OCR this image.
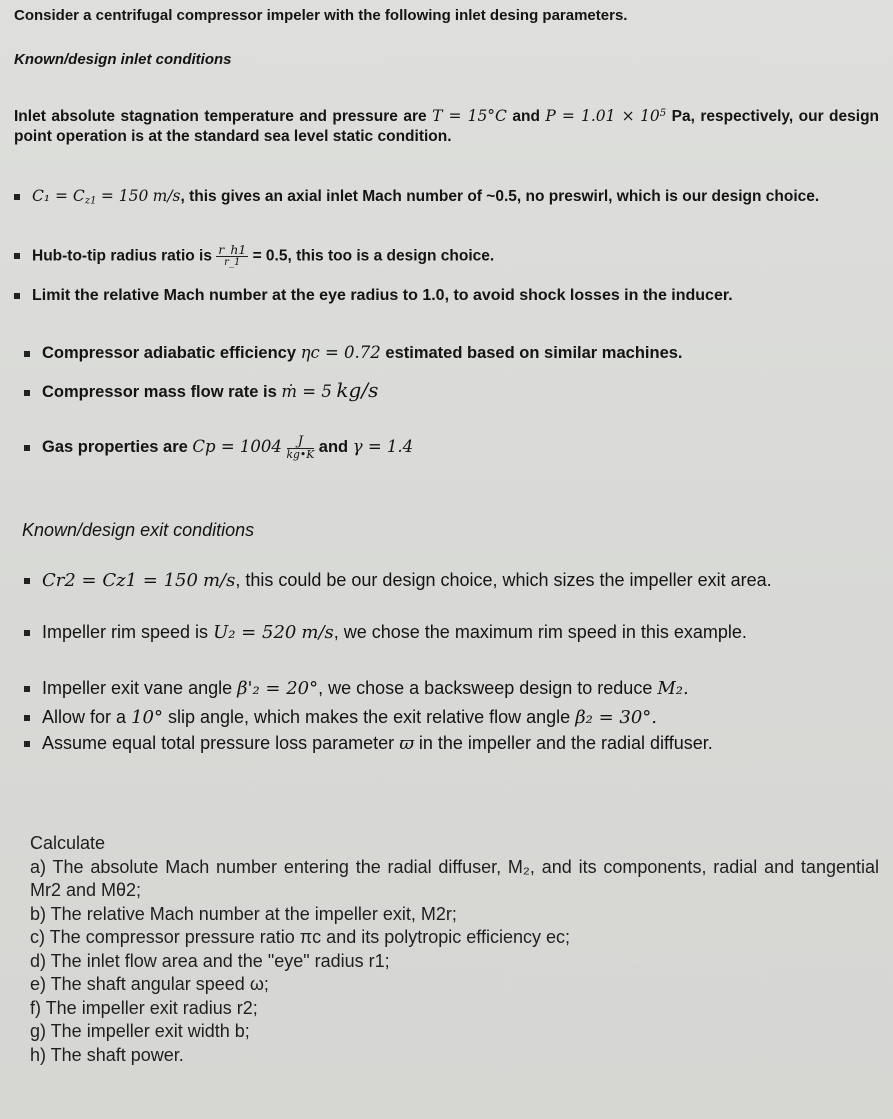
Consider a centrifugal compressor impeler with the following inlet desing parameters.
Known/design inlet conditions
Inlet absolute stagnation temperature and pressure are T = 15°C and $P = 1.01 \times 10^5$ Pa, respectively, our design point operation is at the standard sea level static condition.
$C_1 = C_{z1} = 150$ m/s, this gives an axial inlet Mach number of ~0.5, no preswirl, which is our design choice.
Hub-to-tip radius ratio is $\frac{r\_h1}{r\_1} = 0.5$, this too is a design choice.
Limit the relative Mach number at the eye radius to 1.0, to avoid shock losses in the inducer.
Compressor adiabatic efficiency ηc = 0.72 estimated based on similar machines.
Compressor mass flow rate is ṁ = 5 kg/s
Gas properties are $Cp = 1004 \frac{J}{kg•K}$ and γ = 1.4
Known/design exit conditions
Cr2 = Cz1 = 150 m/s, this could be our design choice, which sizes the impeller exit area.
Impeller rim speed is U₂ = 520 m/s, we chose the maximum rim speed in this example.
Impeller exit vane angle β'₂ = 20°, we chose a backsweep design to reduce M₂.
Allow for a 10° slip angle, which makes the exit relative flow angle β₂ = 30°.
Assume equal total pressure loss parameter ϖ in the impeller and the radial diffuser.
Calculate
a) The absolute Mach number entering the radial diffuser, M₂, and its components, radial and tangential Mr2 and Mθ2;
b) The relative Mach number at the impeller exit, M2r;
c) The compressor pressure ratio πc and its polytropic efficiency ec;
d) The inlet flow area and the "eye" radius r1;
e) The shaft angular speed ω;
f) The impeller exit radius r2;
g) The impeller exit width b;
h) The shaft power.
